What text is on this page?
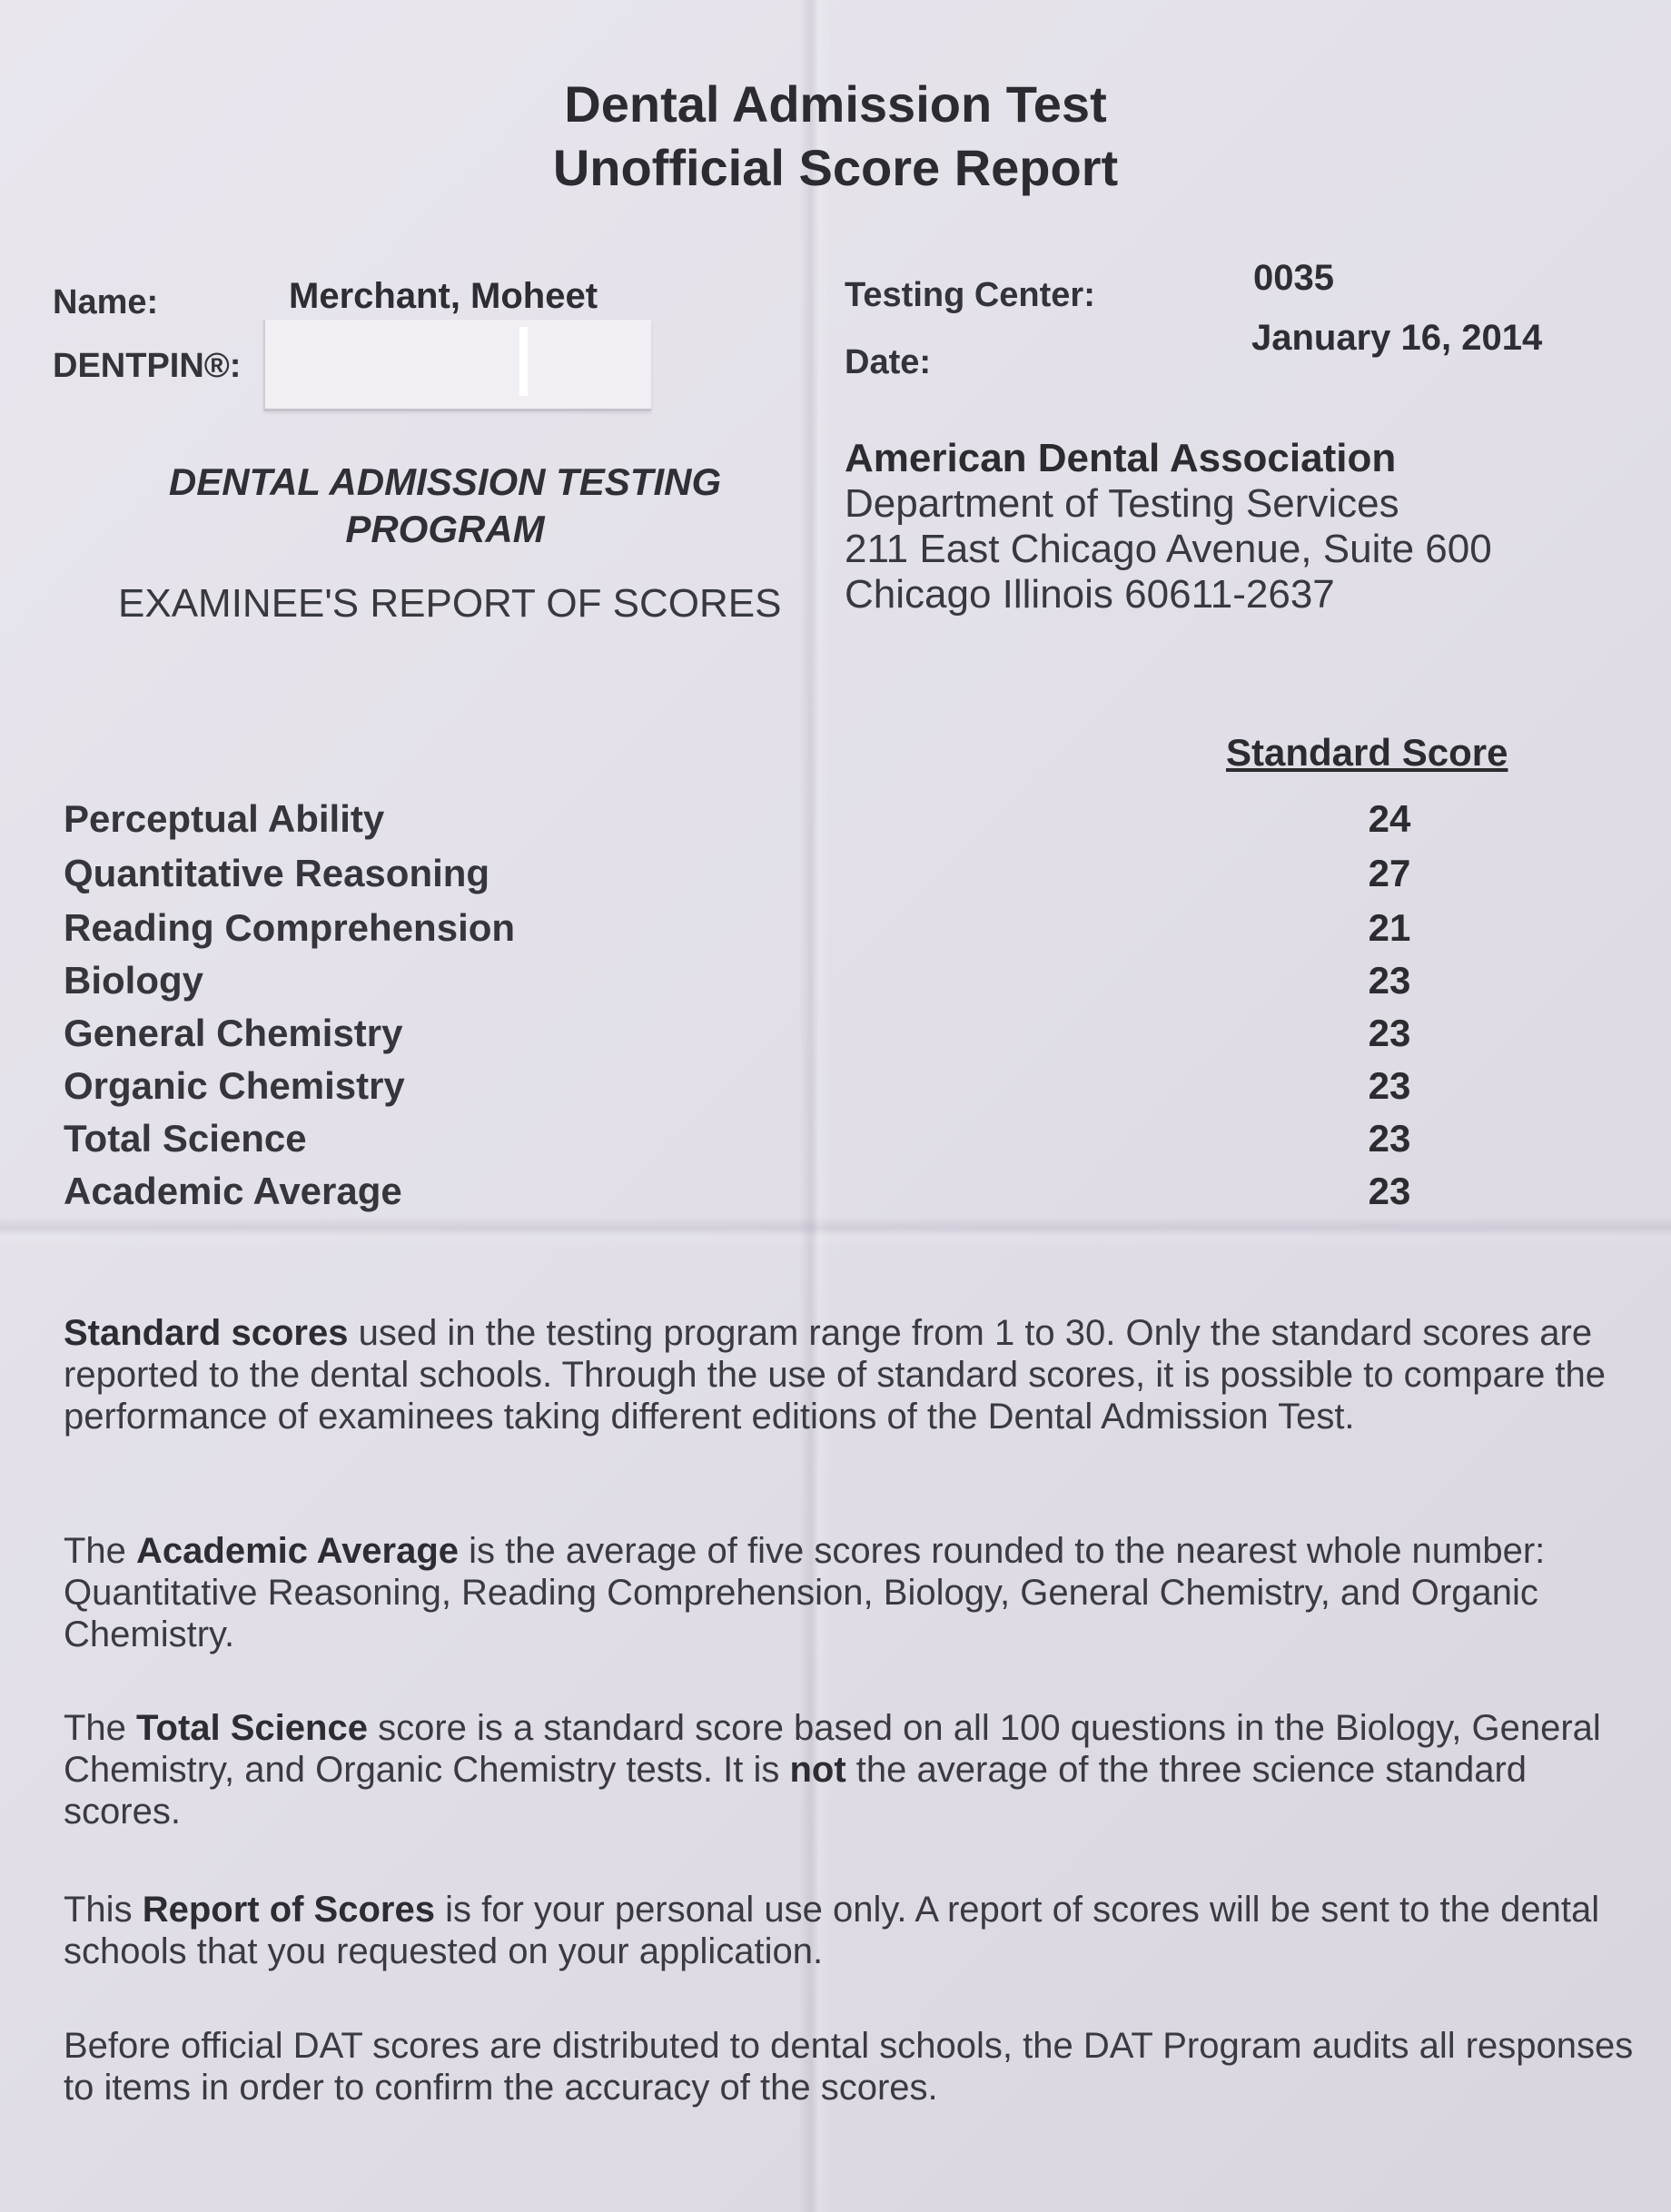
Dental Admission Test
Unofficial Score Report
Name:	Merchant, Moheet
DENTPIN®:
Testing Center:	0035
Date:
January 16, 2014
DENTAL ADMISSION TESTING
PROGRAM
EXAMINEE'S REPORT OF SCORES
American Dental Association
Department of Testing Services
211 East Chicago Avenue, Suite 600
Chicago Illinois 60611-2637
Standard Score
Perceptual Ability	24
Quantitative Reasoning	27
Reading Comprehension	21
Biology	23
General Chemistry	23
Organic Chemistry	23
Total Science	23
Academic Average	23
Standard scores used in the testing program range from 1 to 30. Only the standard scores are reported to the dental schools. Through the use of standard scores, it is possible to compare the performance of examinees taking different editions of the Dental Admission Test.
The Academic Average is the average of five scores rounded to the nearest whole number: Quantitative Reasoning, Reading Comprehension, Biology, General Chemistry, and Organic Chemistry.
The Total Science score is a standard score based on all 100 questions in the Biology, General Chemistry, and Organic Chemistry tests. It is not the average of the three science standard scores.
This Report of Scores is for your personal use only. A report of scores will be sent to the dental schools that you requested on your application.
Before official DAT scores are distributed to dental schools, the DAT Program audits all responses to items in order to confirm the accuracy of the scores.
